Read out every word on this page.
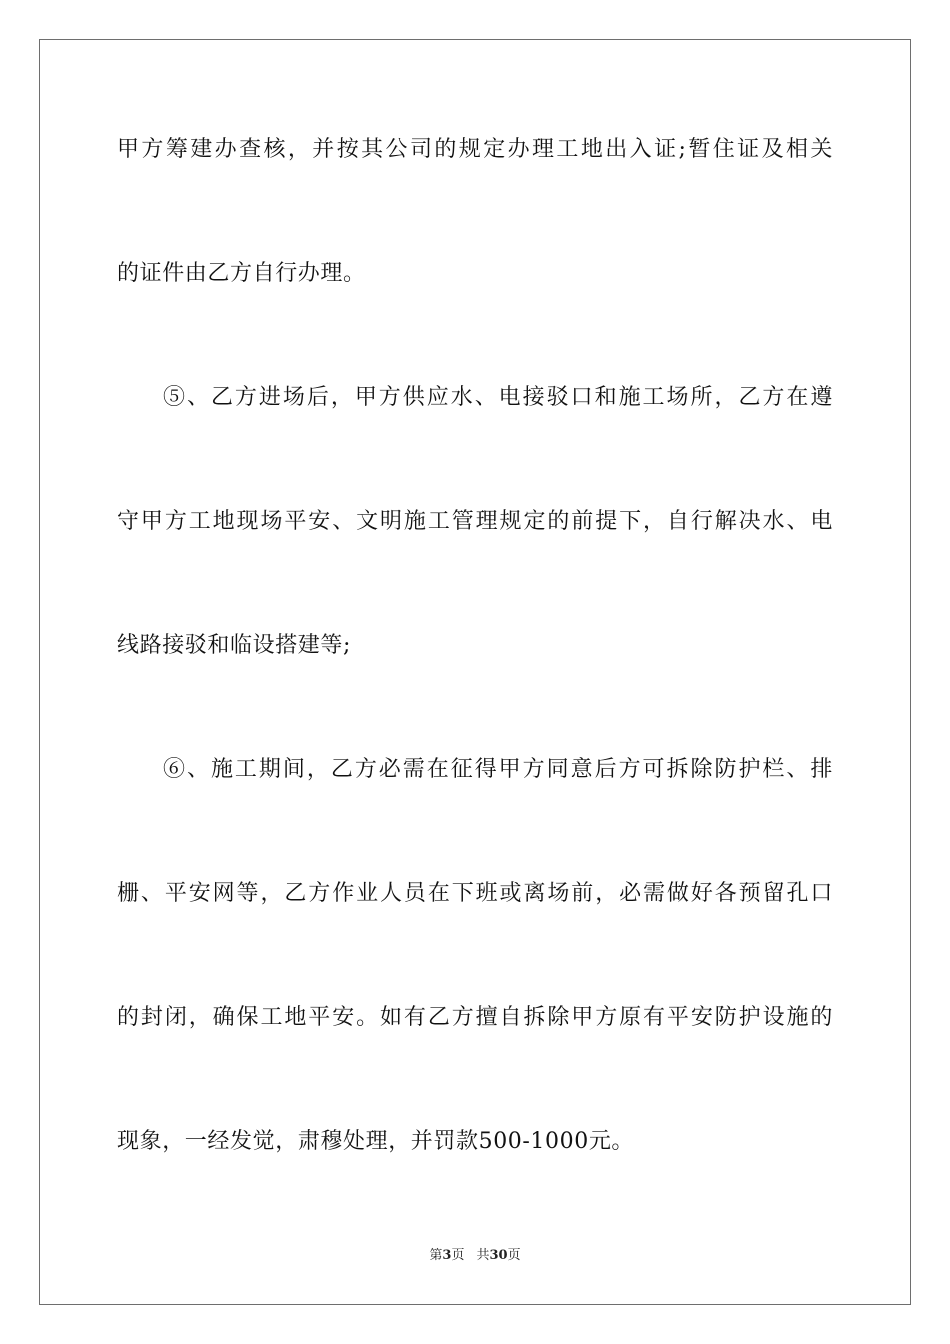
甲方筹建办查核，并按其公司的规定办理工地出入证;暂住证及相关
的证件由乙方自行办理。
⑤、乙方进场后，甲方供应水、电接驳口和施工场所，乙方在遵
守甲方工地现场平安、文明施工管理规定的前提下，自行解决水、电
线路接驳和临设搭建等;
⑥、施工期间，乙方必需在征得甲方同意后方可拆除防护栏、排
栅、平安网等，乙方作业人员在下班或离场前，必需做好各预留孔口
的封闭，确保工地平安。如有乙方擅自拆除甲方原有平安防护设施的
现象，一经发觉，肃穆处理，并罚款500-1000元。
第3页 共30页
